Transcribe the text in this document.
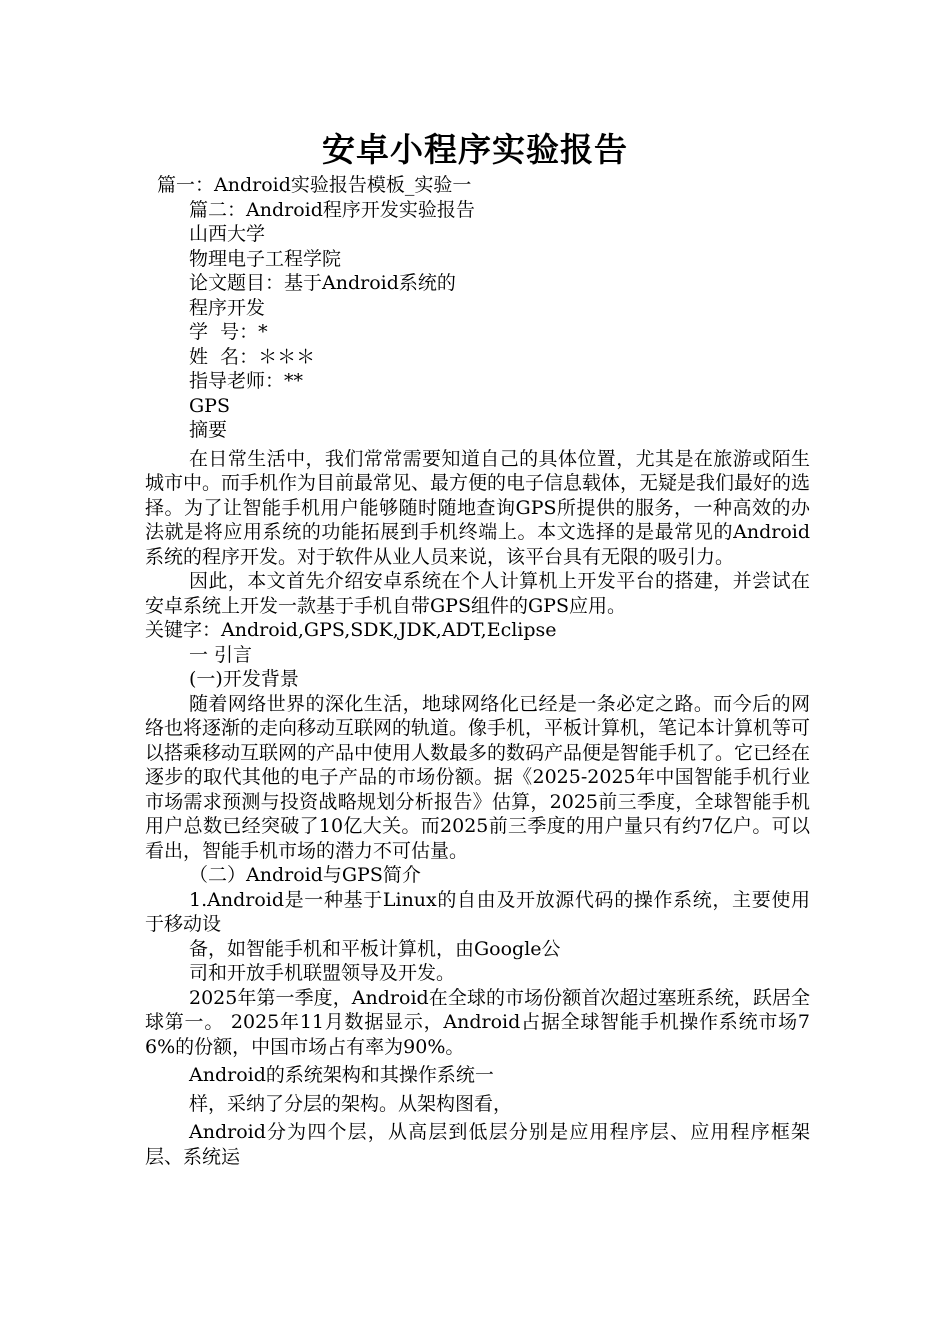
安卓小程序实验报告

篇一：Android实验报告模板_实验一

篇二：Android程序开发实验报告

山西大学

物理电子工程学院

论文题目：基于Android系统的

程序开发

学  号：*

姓  名：＊＊＊

指导老师：**

GPS

摘要

在日常生活中，我们常常需要知道自己的具体位置，尤其是在旅游或陌生城市中。而手机作为目前最常见、最方便的电子信息载体，无疑是我们最好的选择。为了让智能手机用户能够随时随地查询GPS所提供的服务，一种高效的办法就是将应用系统的功能拓展到手机终端上。本文选择的是最常见的Android系统的程序开发。对于软件从业人员来说，该平台具有无限的吸引力。

因此，本文首先介绍安卓系统在个人计算机上开发平台的搭建，并尝试在安卓系统上开发一款基于手机自带GPS组件的GPS应用。

关键字：Android,GPS,SDK,JDK,ADT,Eclipse

一 引言

(一)开发背景

随着网络世界的深化生活，地球网络化已经是一条必定之路。而今后的网络也将逐渐的走向移动互联网的轨道。像手机，平板计算机，笔记本计算机等可以搭乘移动互联网的产品中使用人数最多的数码产品便是智能手机了。它已经在逐步的取代其他的电子产品的市场份额。据《2025-2025年中国智能手机行业市场需求预测与投资战略规划分析报告》估算，2025前三季度，全球智能手机用户总数已经突破了10亿大关。而2025前三季度的用户量只有约7亿户。可以看出，智能手机市场的潜力不可估量。

（二）Android与GPS简介

1.Android是一种基于Linux的自由及开放源代码的操作系统，主要使用于移动设

备，如智能手机和平板计算机，由Google公

司和开放手机联盟领导及开发。

2025年第一季度，Android在全球的市场份额首次超过塞班系统，跃居全球第一。 2025年11月数据显示，Android占据全球智能手机操作系统市场76%的份额，中国市场占有率为90%。

Android的系统架构和其操作系统一

样，采纳了分层的架构。从架构图看，

Android分为四个层，从高层到低层分别是应用程序层、应用程序框架层、系统运
